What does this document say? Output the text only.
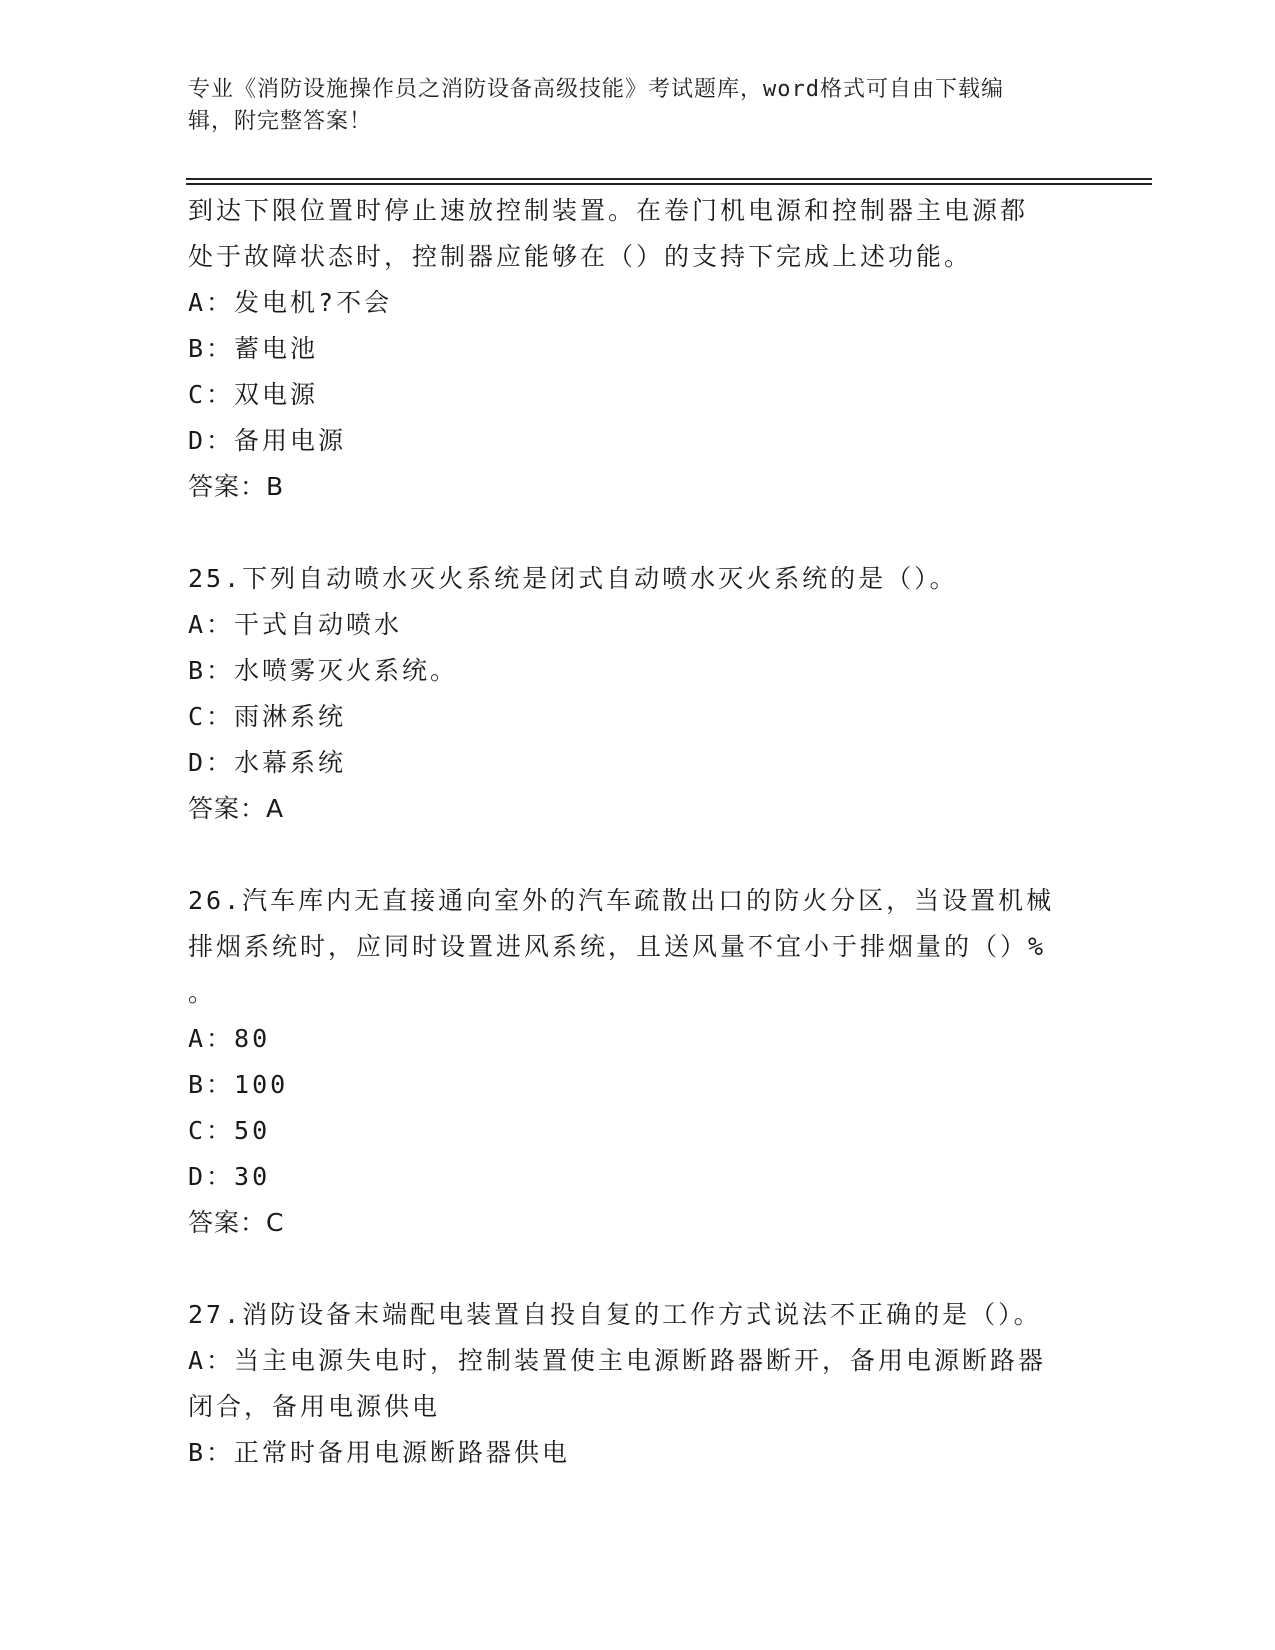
专业《消防设施操作员之消防设备高级技能》考试题库，word格式可自由下载编
辑，附完整答案！

到达下限位置时停止速放控制装置。在卷门机电源和控制器主电源都

处于故障状态时，控制器应能够在（）的支持下完成上述功能。

A：发电机?不会

B：蓄电池

C：双电源

D：备用电源

答案：B

25.下列自动喷水灭火系统是闭式自动喷水灭火系统的是（）。

A：干式自动喷水

B：水喷雾灭火系统。

C：雨淋系统

D：水幕系统

答案：A

26.汽车库内无直接通向室外的汽车疏散出口的防火分区，当设置机械

排烟系统时，应同时设置进风系统，且送风量不宜小于排烟量的（）%

。

A：80

B：100

C：50

D：30

答案：C

27.消防设备末端配电装置自投自复的工作方式说法不正确的是（）。

A：当主电源失电时，控制装置使主电源断路器断开，备用电源断路器

闭合，备用电源供电

B：正常时备用电源断路器供电
